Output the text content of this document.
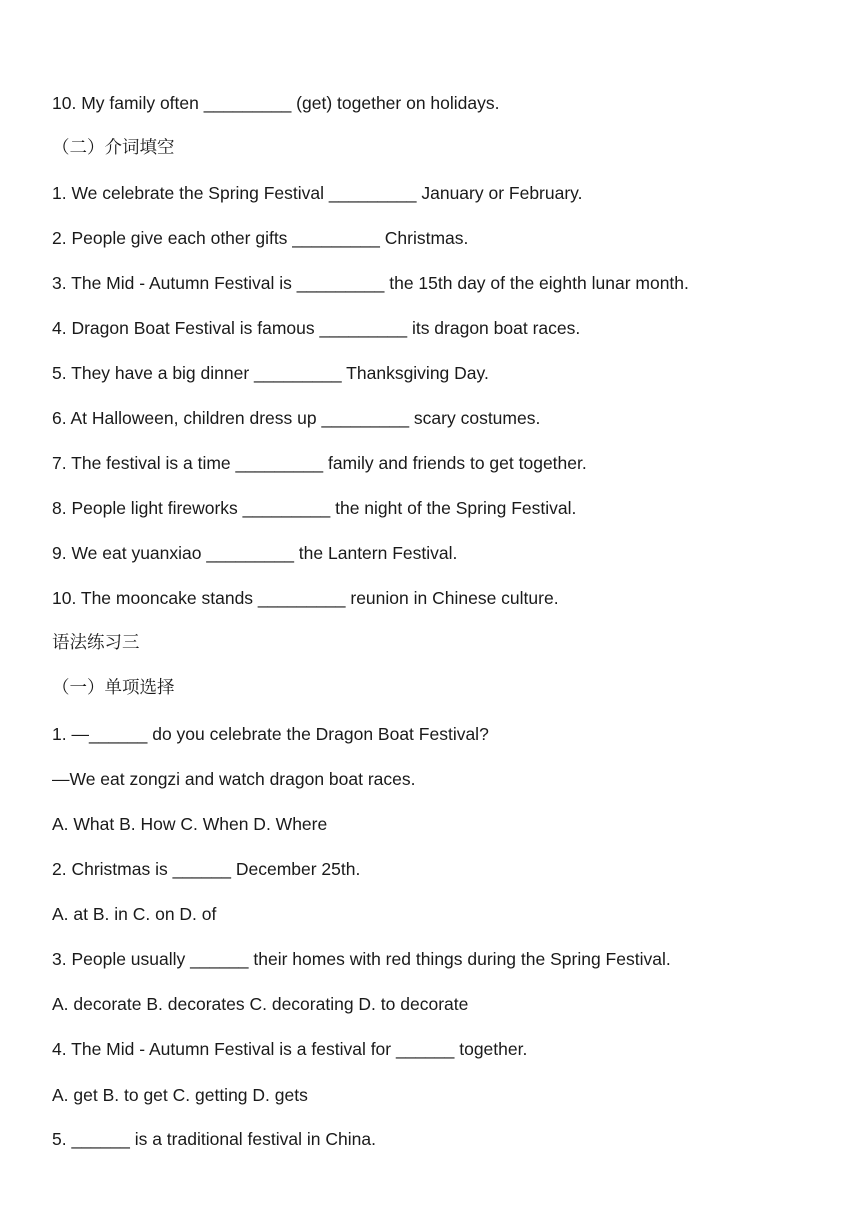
10. My family often _________ (get) together on holidays.
（二）介词填空
1. We celebrate the Spring Festival _________ January or February.
2. People give each other gifts _________ Christmas.
3. The Mid - Autumn Festival is _________ the 15th day of the eighth lunar month.
4. Dragon Boat Festival is famous _________ its dragon boat races.
5. They have a big dinner _________ Thanksgiving Day.
6. At Halloween, children dress up _________ scary costumes.
7. The festival is a time _________ family and friends to get together.
8. People light fireworks _________ the night of the Spring Festival.
9. We eat yuanxiao _________ the Lantern Festival.
10. The mooncake stands _________ reunion in Chinese culture.
语法练习三
（一）单项选择
1. —______ do you celebrate the Dragon Boat Festival?
—We eat zongzi and watch dragon boat races.
A. What B. How C. When D. Where
2. Christmas is ______ December 25th.
A. at B. in C. on D. of
3. People usually ______ their homes with red things during the Spring Festival.
A. decorate B. decorates C. decorating D. to decorate
4. The Mid - Autumn Festival is a festival for ______ together.
A. get B. to get C. getting D. gets
5. ______ is a traditional festival in China.
